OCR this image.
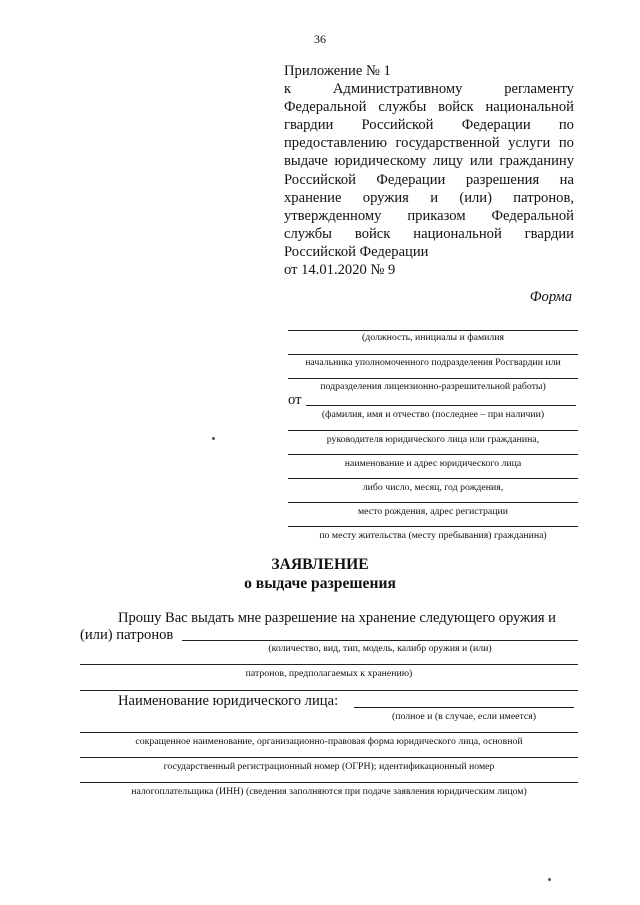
36
Приложение № 1
к	Административному	регламенту
Федеральной службы войск национальной
гвардии Российской Федерации по
предоставлению государственной услуги по
выдаче юридическому лицу или гражданину
Российской Федерации разрешения на
хранение оружия и (или) патронов,
утвержденному приказом Федеральной
службы войск национальной гвардии
Российской Федерации
от 14.01.2020 № 9
Форма
(должность, инициалы и фамилия
начальника уполномоченного подразделения Росгвардии или
подразделения лицензионно-разрешительной работы)
от
(фамилия, имя и отчество (последнее – при наличии)
руководителя юридического лица или гражданина,
наименование и адрес юридического лица
либо число, месяц, год рождения,
место рождения, адрес регистрации
по месту жительства (месту пребывания) гражданина)
ЗАЯВЛЕНИЕ
о выдаче разрешения
Прошу Вас выдать мне разрешение на хранение следующего оружия и
(или) патронов
(количество, вид, тип, модель, калибр оружия и (или)
патронов, предполагаемых к хранению)
Наименование юридического лица:
(полное и (в случае, если имеется)
сокращенное наименование, организационно-правовая форма юридического лица, основной
государственный регистрационный номер (ОГРН); идентификационный номер
налогоплательщика (ИНН) (сведения заполняются при подаче заявления юридическим лицом)
